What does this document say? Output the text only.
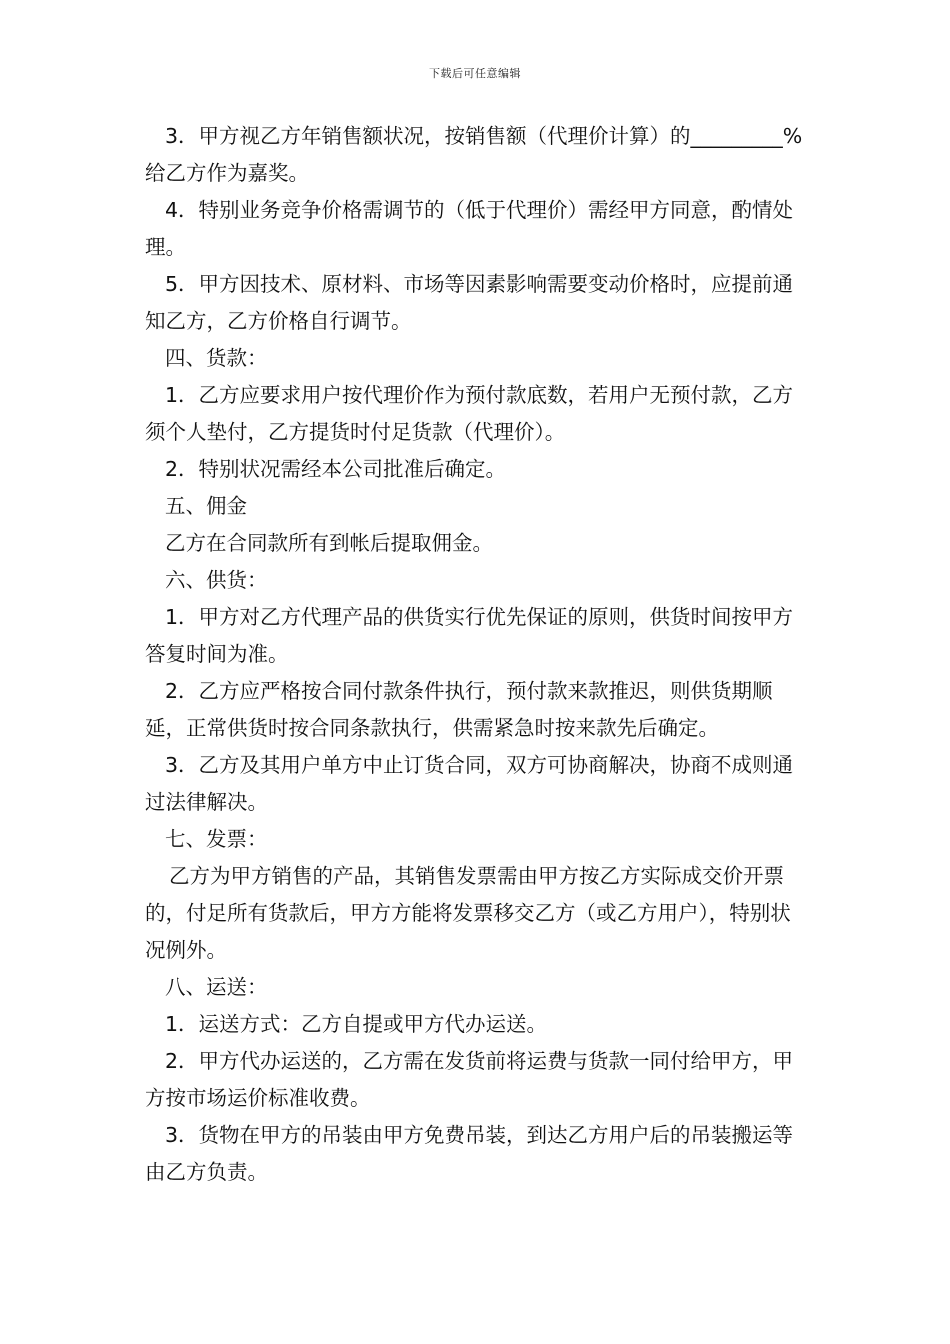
下载后可任意编辑

3．甲方视乙方年销售额状况，按销售额（代理价计算）的_________%给乙方作为嘉奖。

4．特别业务竞争价格需调节的（低于代理价）需经甲方同意，酌情处理。

5．甲方因技术、原材料、市场等因素影响需要变动价格时，应提前通知乙方，乙方价格自行调节。

四、货款：

1．乙方应要求用户按代理价作为预付款底数，若用户无预付款，乙方须个人垫付，乙方提货时付足货款（代理价）。

2．特别状况需经本公司批准后确定。

五、佣金

乙方在合同款所有到帐后提取佣金。

六、供货：

1．甲方对乙方代理产品的供货实行优先保证的原则，供货时间按甲方答复时间为准。

2．乙方应严格按合同付款条件执行，预付款来款推迟，则供货期顺延，正常供货时按合同条款执行，供需紧急时按来款先后确定。

3．乙方及其用户单方中止订货合同，双方可协商解决，协商不成则通过法律解决。

七、发票：

乙方为甲方销售的产品，其销售发票需由甲方按乙方实际成交价开票的，付足所有货款后，甲方方能将发票移交乙方（或乙方用户），特别状况例外。

八、运送：

1．运送方式：乙方自提或甲方代办运送。

2．甲方代办运送的，乙方需在发货前将运费与货款一同付给甲方，甲方按市场运价标准收费。

3．货物在甲方的吊装由甲方免费吊装，到达乙方用户后的吊装搬运等由乙方负责。
